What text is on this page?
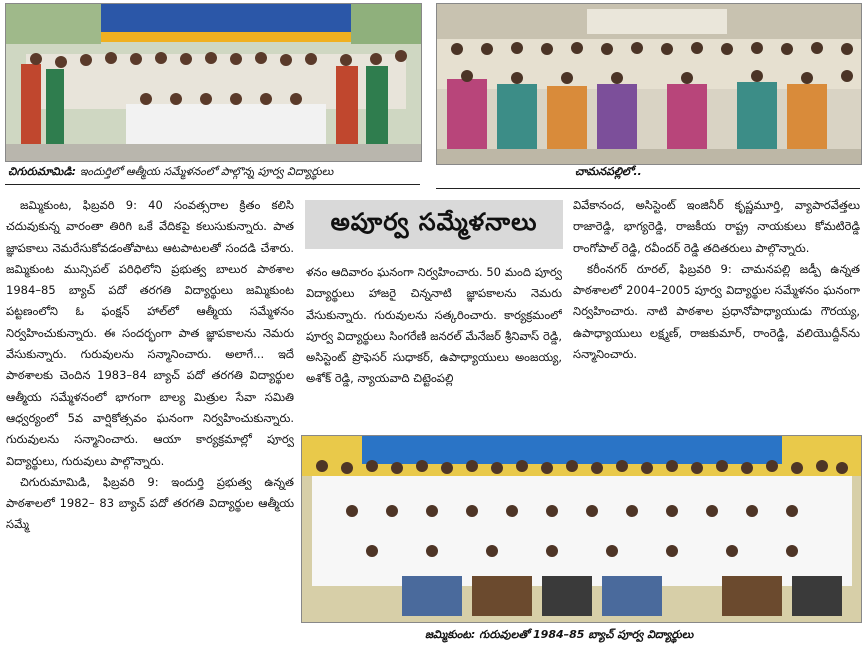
చిగురుమామిడి: ఇందుర్తిలో ఆత్మీయ సమ్మేళనంలో పాల్గొన్న పూర్వ విద్యార్థులు	చామనపల్లిలో..
అపూర్వ సమ్మేళనాలు

జమ్మికుంట, ఫిబ్రవరి 9: 40 సంవత్సరాల క్రితం కలిసి చదువుకున్న వారంతా తిరిగి ఒకే వేదికపై కలుసుకున్నారు. పాత జ్ఞాపకాలు నెమరేసుకోవడంతోపాటు ఆటపాటలతో సందడి చేశారు. జమ్మికుంట మున్సిపల్ పరిధిలోని ప్రభుత్వ బాలుర పాఠశాల 1984–85 బ్యాచ్ పదో తరగతి విద్యార్థులు జమ్మికుంట పట్టణంలోని ఓ ఫంక్షన్ హాల్‌లో ఆత్మీయ సమ్మేళనం నిర్వహించుకున్నారు. ఈ సందర్భంగా పాత జ్ఞాపకాలను నెమరు వేసుకున్నారు. గురువులను సన్మానించారు. అలాగే... ఇదే పాఠశాలకు చెందిన 1983–84 బ్యాచ్ పదో తరగతి విద్యార్థుల ఆత్మీయ సమ్మేళనంలో భాగంగా బాల్య మిత్రుల సేవా సమితి ఆధ్వర్యంలో 5వ వార్షికోత్సవం ఘనంగా నిర్వహించుకున్నారు. గురువులను సన్మానించారు. ఆయా కార్యక్రమాల్లో పూర్వ విద్యార్థులు, గురువులు పాల్గొన్నారు.

చిగురుమామిడి, ఫిబ్రవరి 9: ఇందుర్తి ప్రభుత్వ ఉన్నత పాఠశాలలో 1982– 83 బ్యాచ్ పదో తరగతి విద్యార్థుల ఆత్మీయ సమ్మే

ళనం ఆదివారం ఘనంగా నిర్వహించారు. 50 మంది పూర్వ విద్యార్థులు హాజరై చిన్ననాటి జ్ఞాపకాలను నెమరు వేసుకున్నారు. గురువులను సత్కరించారు. కార్యక్రమంలో పూర్వ విద్యార్థులు సింగరేణి జనరల్ మేనేజర్ శ్రీనివాస్ రెడ్డి, అసిస్టెంట్ ప్రొఫెసర్ సుధాకర్, ఉపాధ్యాయులు అంజయ్య, అశోక్ రెడ్డి, న్యాయవాది చిట్టెంపల్లి

వివేకానంద, అసిస్టెంట్ ఇంజినీర్ కృష్ణమూర్తి, వ్యాపారవేత్తలు రాజారెడ్డి, భాగ్యరెడ్డి, రాజకీయ రాష్ట్ర నాయకులు కోమటిరెడ్డి రాంగోపాల్ రెడ్డి, రవీందర్ రెడ్డి తదితరులు పాల్గొన్నారు.

కరీంనగర్ రూరల్, ఫిబ్రవరి 9: చామనపల్లి జడ్పీ ఉన్నత పాఠశాలలో 2004–2005 పూర్వ విద్యార్థుల సమ్మేళనం ఘనంగా నిర్వహించారు. నాటి పాఠశాల ప్రధానోపాధ్యాయుడు గౌరయ్య, ఉపాధ్యాయులు లక్ష్మణ్, రాజకుమార్, రాంరెడ్డి, వలియొద్దీన్‌ను సన్మానించారు.

జమ్మికుంట: గురువులతో 1984–85 బ్యాచ్ పూర్వ విద్యార్థులు
